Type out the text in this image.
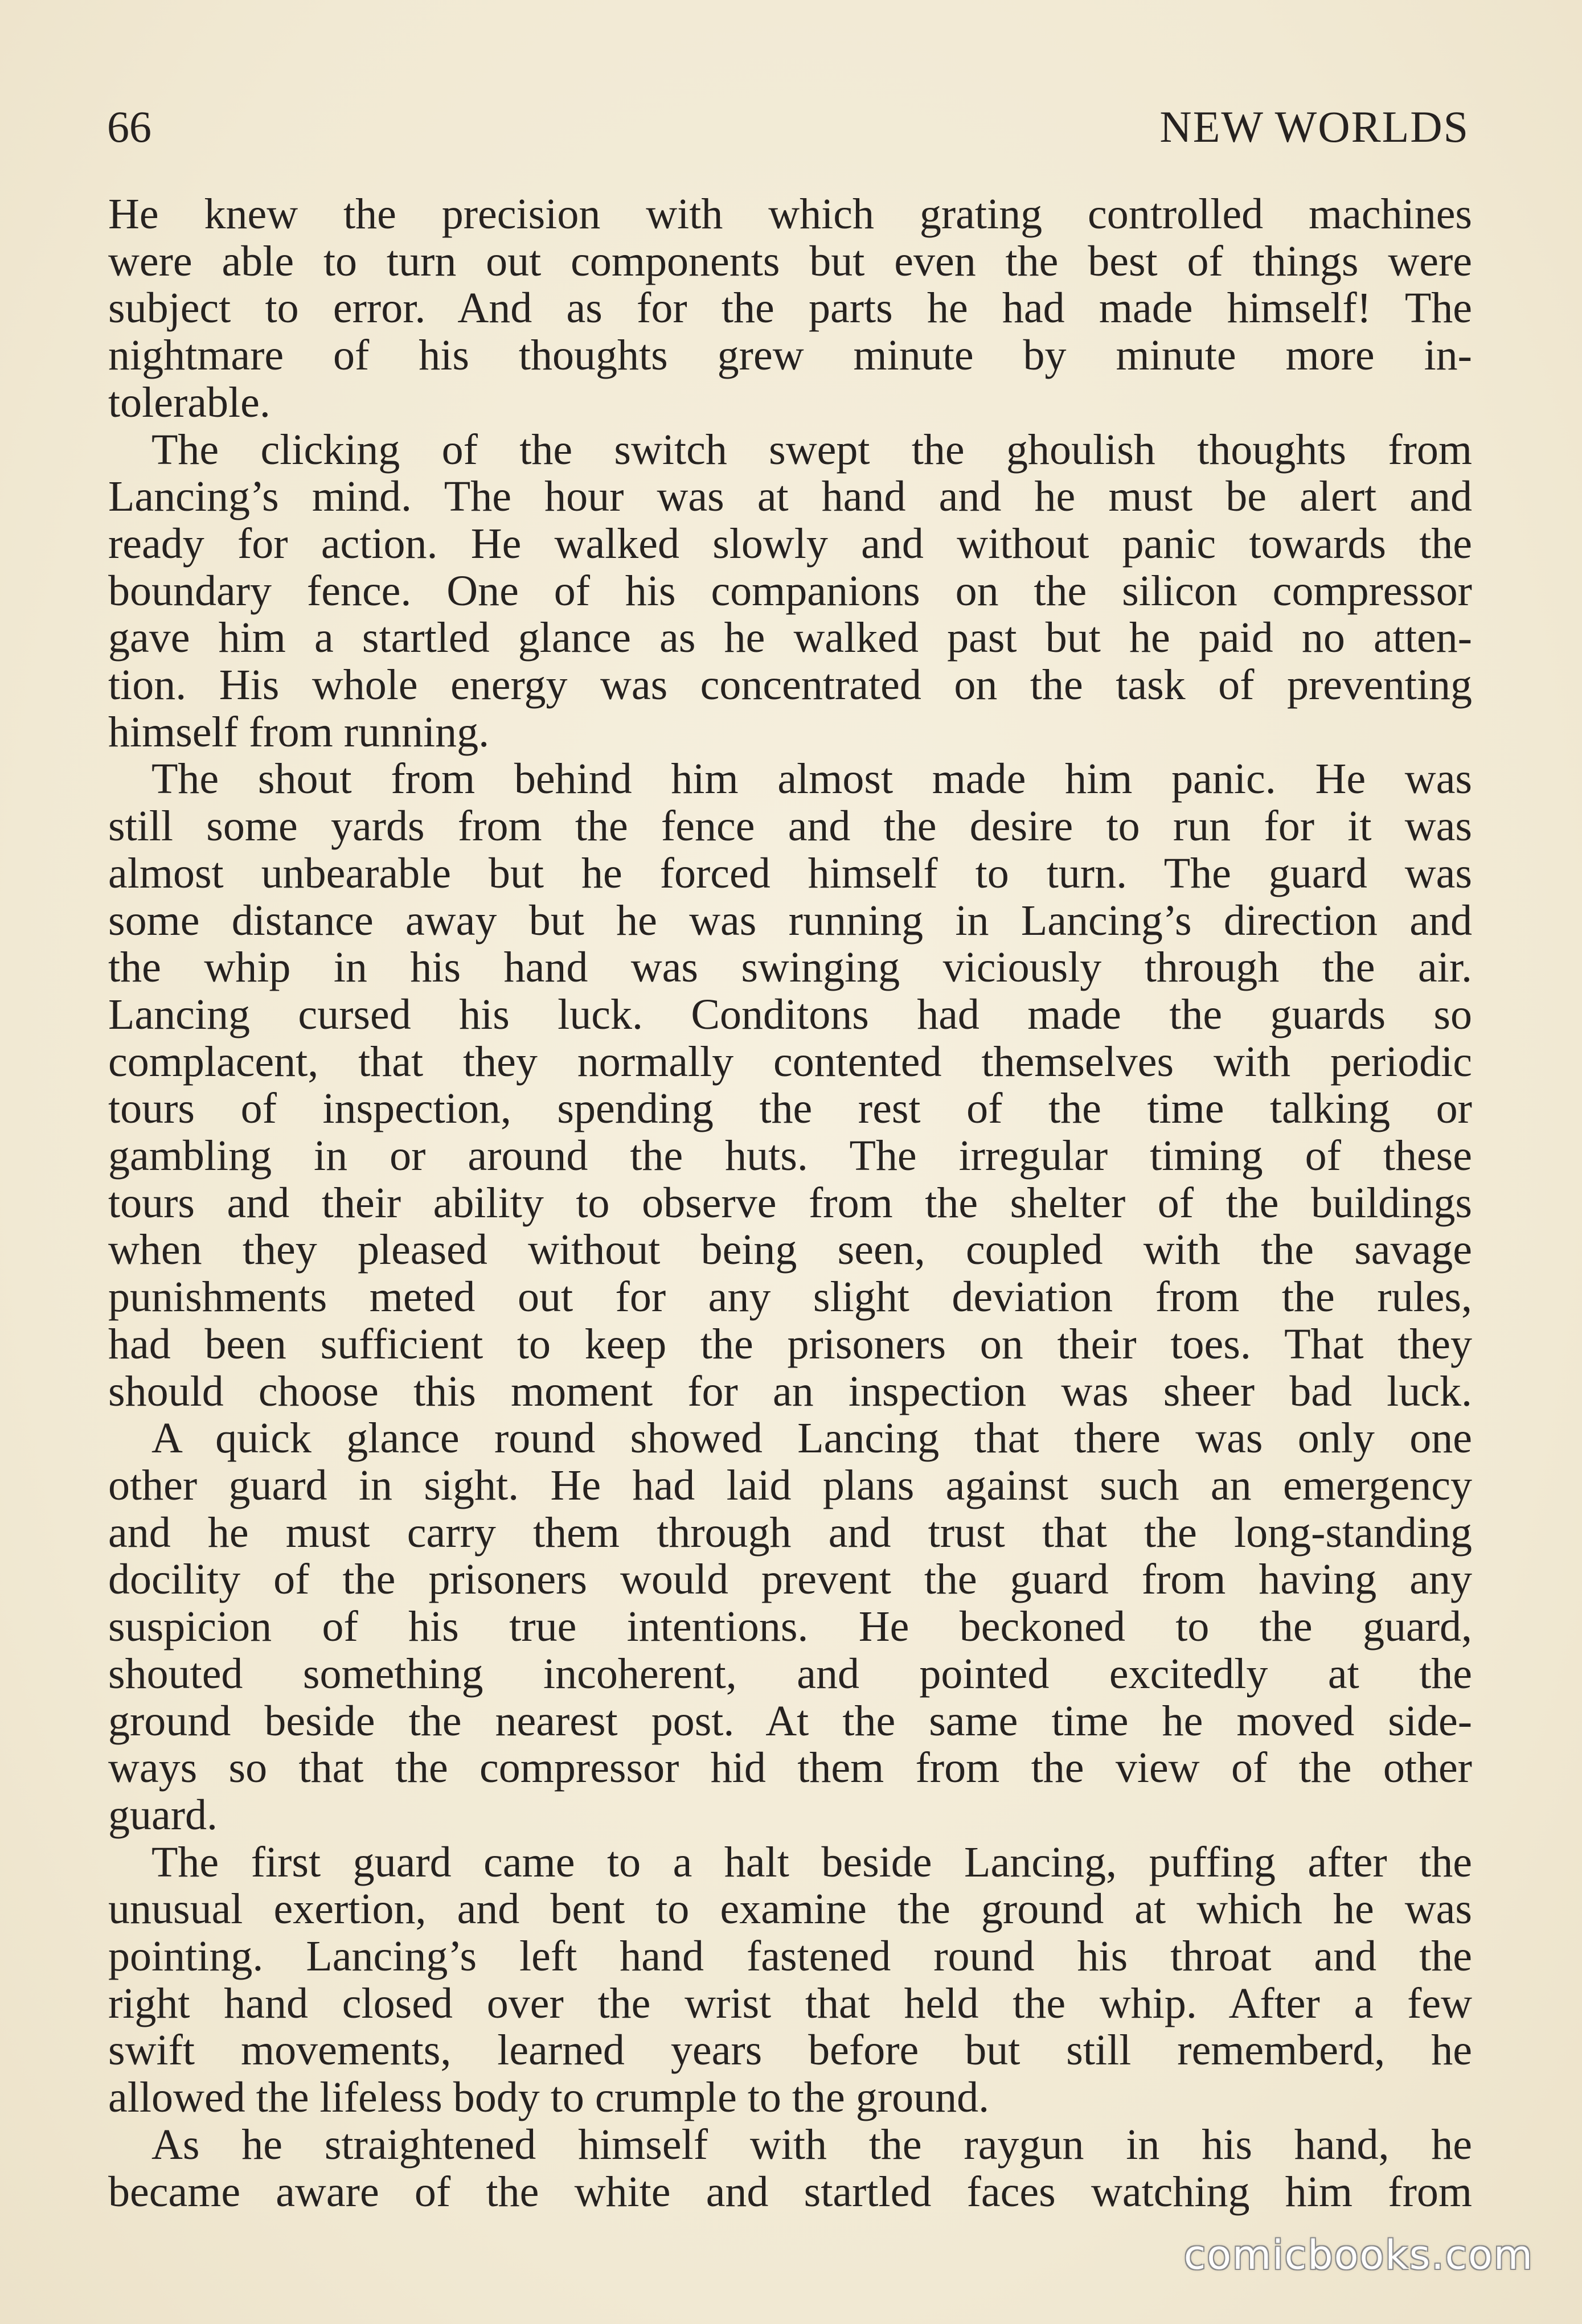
66	NEW WORLDS

He knew the precision with which grating controlled machines
were able to turn out components but even the best of things were
subject to error. And as for the parts he had made himself! The
nightmare of his thoughts grew minute by minute more in-
tolerable.

The clicking of the switch swept the ghoulish thoughts from
Lancing’s mind. The hour was at hand and he must be alert and
ready for action. He walked slowly and without panic towards the
boundary fence. One of his companions on the silicon compressor
gave him a startled glance as he walked past but he paid no atten-
tion. His whole energy was concentrated on the task of preventing
himself from running.

The shout from behind him almost made him panic. He was
still some yards from the fence and the desire to run for it was
almost unbearable but he forced himself to turn. The guard was
some distance away but he was running in Lancing’s direction and
the whip in his hand was swinging viciously through the air.
Lancing cursed his luck. Conditons had made the guards so
complacent, that they normally contented themselves with periodic
tours of inspection, spending the rest of the time talking or
gambling in or around the huts. The irregular timing of these
tours and their ability to observe from the shelter of the buildings
when they pleased without being seen, coupled with the savage
punishments meted out for any slight deviation from the rules,
had been sufficient to keep the prisoners on their toes. That they
should choose this moment for an inspection was sheer bad luck.

A quick glance round showed Lancing that there was only one
other guard in sight. He had laid plans against such an emergency
and he must carry them through and trust that the long-standing
docility of the prisoners would prevent the guard from having any
suspicion of his true intentions. He beckoned to the guard,
shouted something incoherent, and pointed excitedly at the
ground beside the nearest post. At the same time he moved side-
ways so that the compressor hid them from the view of the other
guard.

The first guard came to a halt beside Lancing, puffing after the
unusual exertion, and bent to examine the ground at which he was
pointing. Lancing’s left hand fastened round his throat and the
right hand closed over the wrist that held the whip. After a few
swift movements, learned years before but still rememberd, he
allowed the lifeless body to crumple to the ground.

As he straightened himself with the raygun in his hand, he
became aware of the white and startled faces watching him from

comicbooks.com
